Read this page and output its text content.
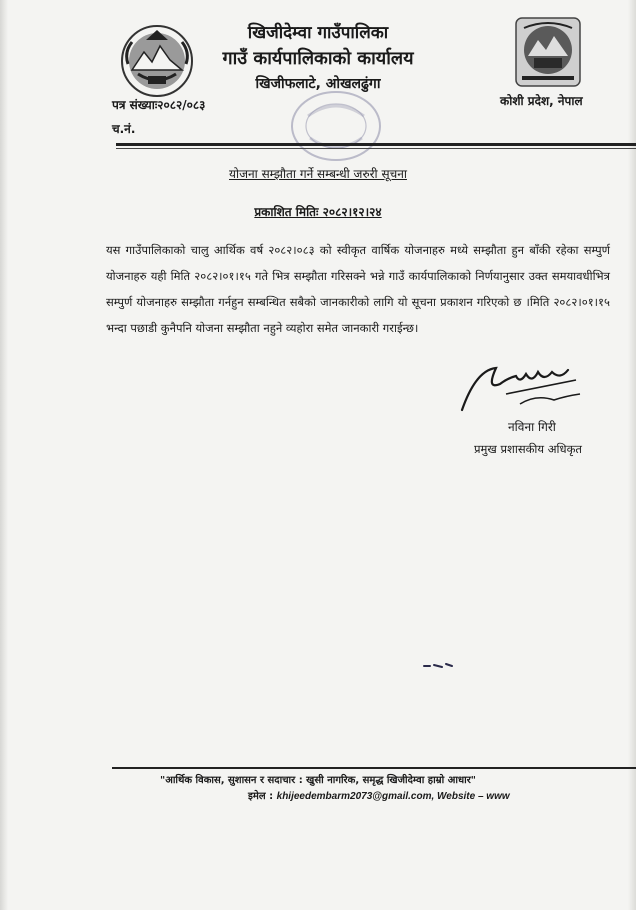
खिजीदेम्वा गाउँपालिका
गाउँ कार्यपालिकाको कार्यालय
खिजीफलाटे, ओखलढुंगा
कोशी प्रदेश, नेपाल
पत्र संख्याः२०८२/०८३
च.नं.
योजना सम्झौता गर्ने सम्बन्धी जरुरी सूचना
प्रकाशित मितिः २०८२।१२।२४
यस गाउँपालिकाको चालु आर्थिक वर्ष २०८२।०८३ को स्वीकृत वार्षिक योजनाहरु मध्ये सम्झौता हुन बाँकी रहेका सम्पुर्ण योजनाहरु यही मिति २०८२।०१।१५ गते भित्र सम्झौता गरिसक्ने भन्ने गाउँ कार्यपालिकाको निर्णयानुसार उक्त समयावधीभित्र सम्पुर्ण योजनाहरु सम्झौता गर्नहुन सम्बन्धित सबैको जानकारीको लागि यो सूचना प्रकाशन गरिएको छ ।मिति २०८२।०१।१५ भन्दा पछाडी कुनैपनि योजना सम्झौता नहुने व्यहोरा समेत जानकारी गराईन्छ।
नविना गिरी
प्रमुख प्रशासकीय अधिकृत
"आर्थिक विकास, सुशासन र सदाचार : खुसी नागरिक, समृद्ध खिजीदेम्वा हाम्रो आधार"
इमेल : khijeedembarm2073@gmail.com, Website – www
